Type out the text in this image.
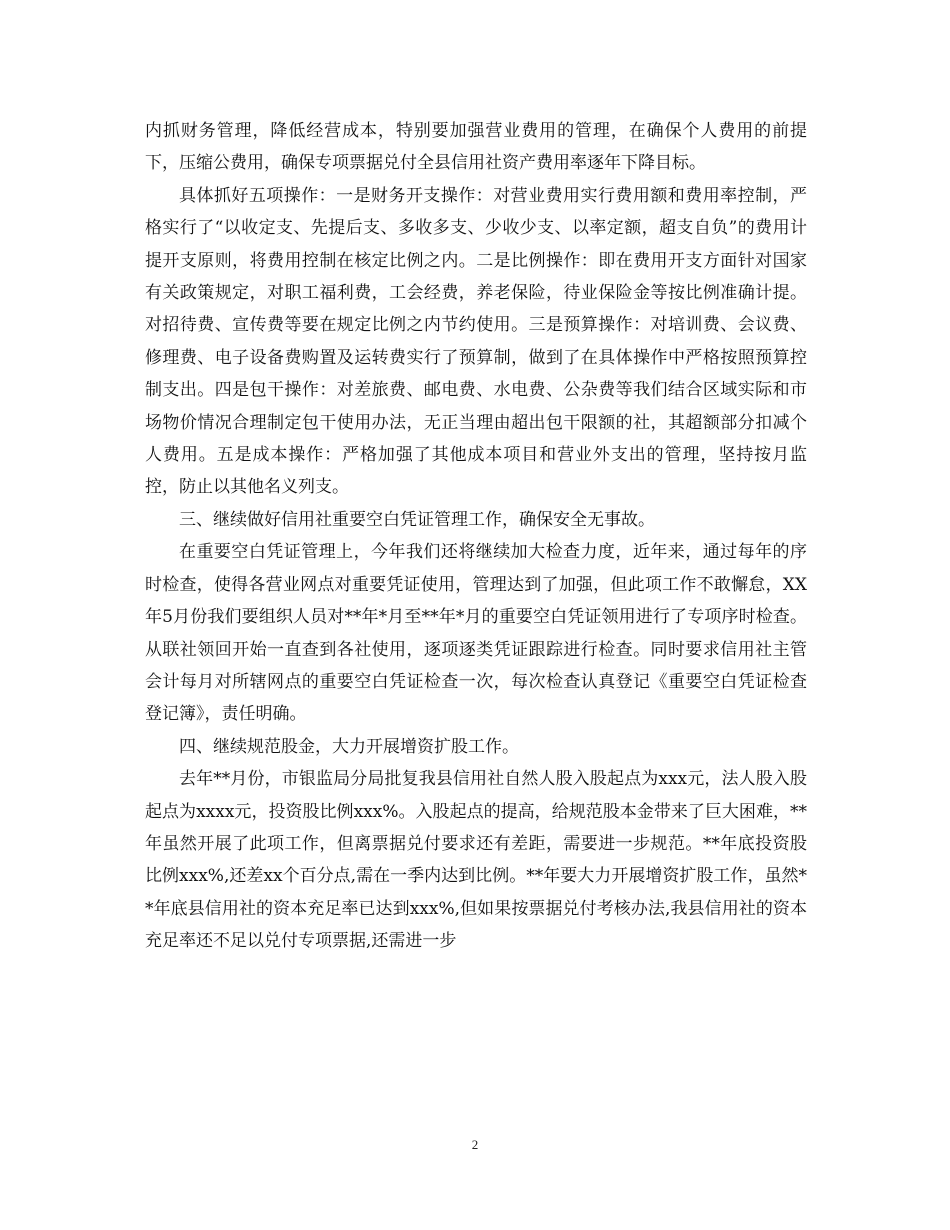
内抓财务管理，降低经营成本，特别要加强营业费用的管理，在确保个人费用的前提下，压缩公费用，确保专项票据兑付全县信用社资产费用率逐年下降目标。

具体抓好五项操作：一是财务开支操作：对营业费用实行费用额和费用率控制，严格实行了“以收定支、先提后支、多收多支、少收少支、以率定额，超支自负”的费用计提开支原则，将费用控制在核定比例之内。二是比例操作：即在费用开支方面针对国家有关政策规定，对职工福利费，工会经费，养老保险，待业保险金等按比例准确计提。对招待费、宣传费等要在规定比例之内节约使用。三是预算操作：对培训费、会议费、修理费、电子设备费购置及运转费实行了预算制，做到了在具体操作中严格按照预算控制支出。四是包干操作：对差旅费、邮电费、水电费、公杂费等我们结合区域实际和市场物价情况合理制定包干使用办法，无正当理由超出包干限额的社，其超额部分扣减个人费用。五是成本操作：严格加强了其他成本项目和营业外支出的管理，坚持按月监控，防止以其他名义列支。

三、继续做好信用社重要空白凭证管理工作，确保安全无事故。

在重要空白凭证管理上，今年我们还将继续加大检查力度，近年来，通过每年的序时检查，使得各营业网点对重要凭证使用，管理达到了加强，但此项工作不敢懈怠，XX年5月份我们要组织人员对**年*月至**年*月的重要空白凭证领用进行了专项序时检查。从联社领回开始一直查到各社使用，逐项逐类凭证跟踪进行检查。同时要求信用社主管会计每月对所辖网点的重要空白凭证检查一次，每次检查认真登记《重要空白凭证检查登记簿》，责任明确。

四、继续规范股金，大力开展增资扩股工作。

去年**月份，市银监局分局批复我县信用社自然人股入股起点为xxx元，法人股入股起点为xxxx元，投资股比例xxx%。入股起点的提高，给规范股本金带来了巨大困难，**年虽然开展了此项工作，但离票据兑付要求还有差距，需要进一步规范。**年底投资股比例xxx%,还差xx个百分点,需在一季内达到比例。**年要大力开展增资扩股工作，虽然**年底县信用社的资本充足率已达到xxx%,但如果按票据兑付考核办法,我县信用社的资本充足率还不足以兑付专项票据,还需进一步

2
